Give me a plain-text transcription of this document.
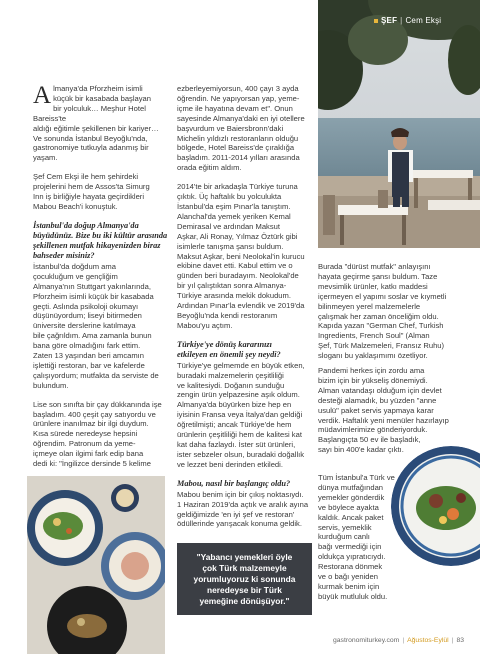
ŞEF | Cem Ekşi

Almanya'da Pforzheim isimli
küçük bir kasabada başlayan
bir yolculuk… Meşhur Hotel Bareiss'te
aldığı eğitimle şekillenen bir kariyer…
Ve sonunda İstanbul Beyoğlu'nda,
gastronomiye tutkuyla adanmış bir
yaşam.

Şef Cem Ekşi ile hem şehirdeki
projelerini hem de Assos'ta Simurg
Inn iş birliğiyle hayata geçirdikleri
Mabou Beach'i konuştuk.

İstanbul'da doğup Almanya'da
büyüdünüz. Bize bu iki kültür arasında
şekillenen mutfak hikayenizden biraz
bahseder misiniz?

İstanbul'da doğdum ama
çocukluğum ve gençliğim
Almanya'nın Stuttgart yakınlarında,
Pforzheim isimli küçük bir kasabada
geçti. Aslında psikoloji okumayı
düşünüyordum; liseyi bitirmeden
üniversite derslerine katılmaya
bile çağrıldım. Ama zamanla bunun
bana göre olmadığını fark ettim.
Zaten 13 yaşından beri amcamın
işlettiği restoran, bar ve kafelerde
çalışıyordum; mutfakta da serviste de
bulundum.

Lise son sınıfta bir çay dükkanında işe
başladım. 400 çeşit çay satıyordu ve
ürünlere inanılmaz bir ilgi duydum.
Kısa sürede neredeyse hepsini
öğrendim. Patronum da yeme-
içmeye olan ilgimi fark edip bana
dedi ki: "İngilizce dersinde 5 kelime

ezberleyemiyorsun, 400 çayı 3 ayda
öğrendin. Ne yapıyorsan yap, yeme-
içme ile hayatına devam et". Onun
sayesinde Almanya'daki en iyi otellere
başvurdum ve Baiersbronn'daki
Michelin yıldızlı restoranların olduğu
bölgede, Hotel Bareiss'de çıraklığa
başladım. 2011-2014 yılları arasında
orada eğitim aldım.

2014'te bir arkadaşla Türkiye turuna
çıktık. Üç haftalık bu yolculukta
İstanbul'da eşim Pınar'la tanıştım.
Alanchal'da yemek yeriken Kemal
Demirasal ve ardından Maksut
Aşkar, Ali Ronay, Yılmaz Öztürk gibi
isimlerle tanışma şansı buldum.
Maksut Aşkar, beni Neolokal'in kurucu
ekibine davet etti. Kabul ettim ve o
günden beri buradayım. Neolokal'de
bir yıl çalıştıktan sonra Almanya-
Türkiye arasında mekik dokudum.
Ardından Pınar'la evlendik ve 2019'da
Beyoğlu'nda kendi restoranım
Mabou'yu açtım.

Türkiye'ye dönüş kararınızı
etkileyen en önemli şey neydi?

Türkiye'ye gelmemde en büyük etken,
buradaki malzemelerin çeşitliliği
ve kalitesiydi. Doğanın sunduğu
zengin ürün yelpazesine aşık oldum.
Almanya'da büyürken bize hep en
iyisinin Fransa veya İtalya'dan geldiği
öğretilmişti; ancak Türkiye'de hem
ürünlerin çeşitliliği hem de kalitesi kat
kat daha fazlaydı. İster süt ürünleri,
ister sebzeler olsun, buradaki doğallık
ve lezzet beni derinden etkiledi.

Mabou, nasıl bir başlangıç oldu?

Mabou benim için bir çıkış noktasıydı.
1 Haziran 2019'da açtık ve aralık ayına
geldiğimizde 'en iyi şef ve restoran'
ödüllerinde yarışacak konuma geldik.

"Yabancı yemekleri öyle
çok Türk malzemeyle
yorumluyoruz ki sonunda
neredeyse bir Türk
yemeğine dönüşüyor."

Burada "dürüst mutfak" anlayışını
hayata geçirme şansı buldum. Taze
mevsimlik ürünler, katkı maddesi
içermeyen el yapımı soslar ve kıymetli
bilinmeyen yerel malzemelerle
çalışmak her zaman önceliğim oldu.
Kapıda yazan "German Chef, Turkish
Ingredients, French Soul" (Alman
Şef, Türk Malzemeleri, Fransız Ruhu)
sloganı bu yaklaşımımı özetliyor.

Pandemi herkes için zordu ama
bizim için bir yükseliş dönemiydi.
Alman vatandaşı olduğum için devlet
desteği alamadık, bu yüzden "anne
usulü" paket servis yapmaya karar
verdik. Haftalık yeni menüler hazırlayıp
müdavimlerimize gönderiyorduk.
Başlangıçta 50 ev ile başladık,
sayı bin 400'e kadar çıktı.

Tüm İstanbul'a Türk ve
dünya mutfağından
yemekler gönderdik
ve böylece ayakta
kaldık. Ancak paket
servis, yemeklik
kurduğum canlı
bağı vermediği için
oldukça yıpratıcıydı.
Restorana dönmek
ve o bağı yeniden
kurmak benim için
büyük mutluluk oldu.

gastronomiturkey.com | Ağustos-Eylül | 83
